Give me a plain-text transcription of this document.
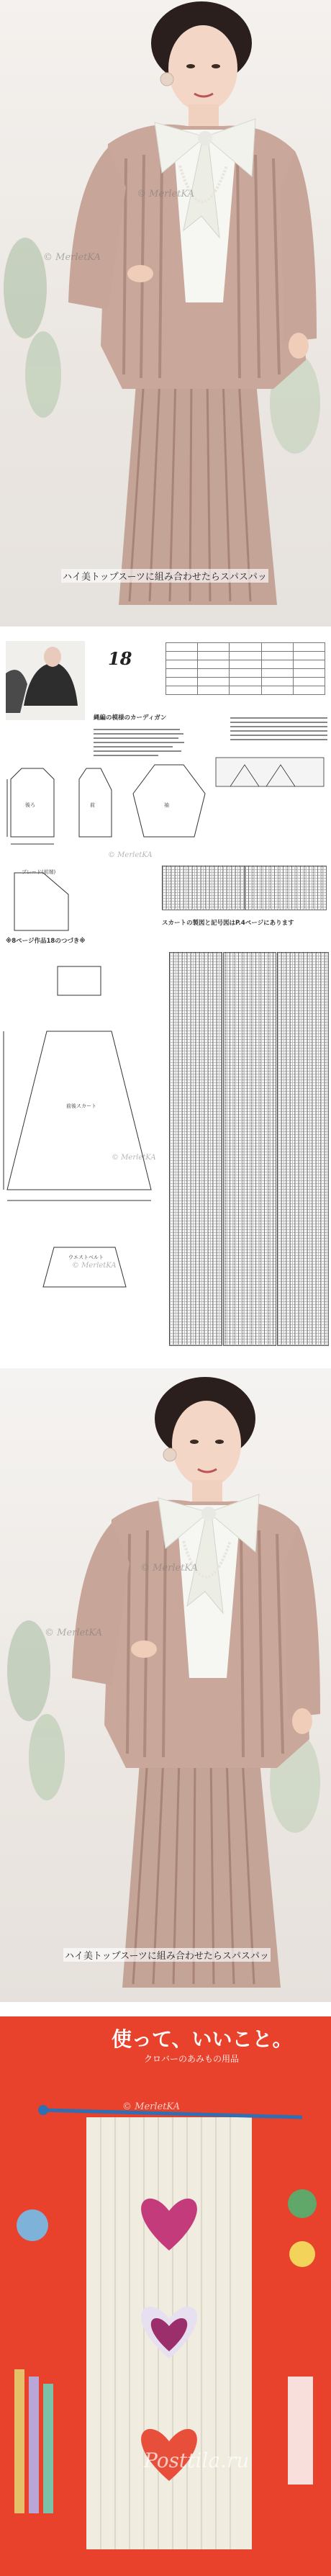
© MerletKA
© MerletKA
ハイ美トップスーツに組み合わせたらスパスパッ
18
縄編の模様のカーディガン

後ろ	前	袖
ブレード(前端)
© MerletKA
スカートの製図と記号図はP.4ページにあります
※8ページ作品18のつづき※
前後スカート
ウエストベルト
© MerletKA
© MerletKA
© MerletKA
© MerletKA
ハイ美トップスーツに組み合わせたらスパスパッ
使って、いいこと。
クロバーのあみもの用品
© MerletKA
Posttila.ru
